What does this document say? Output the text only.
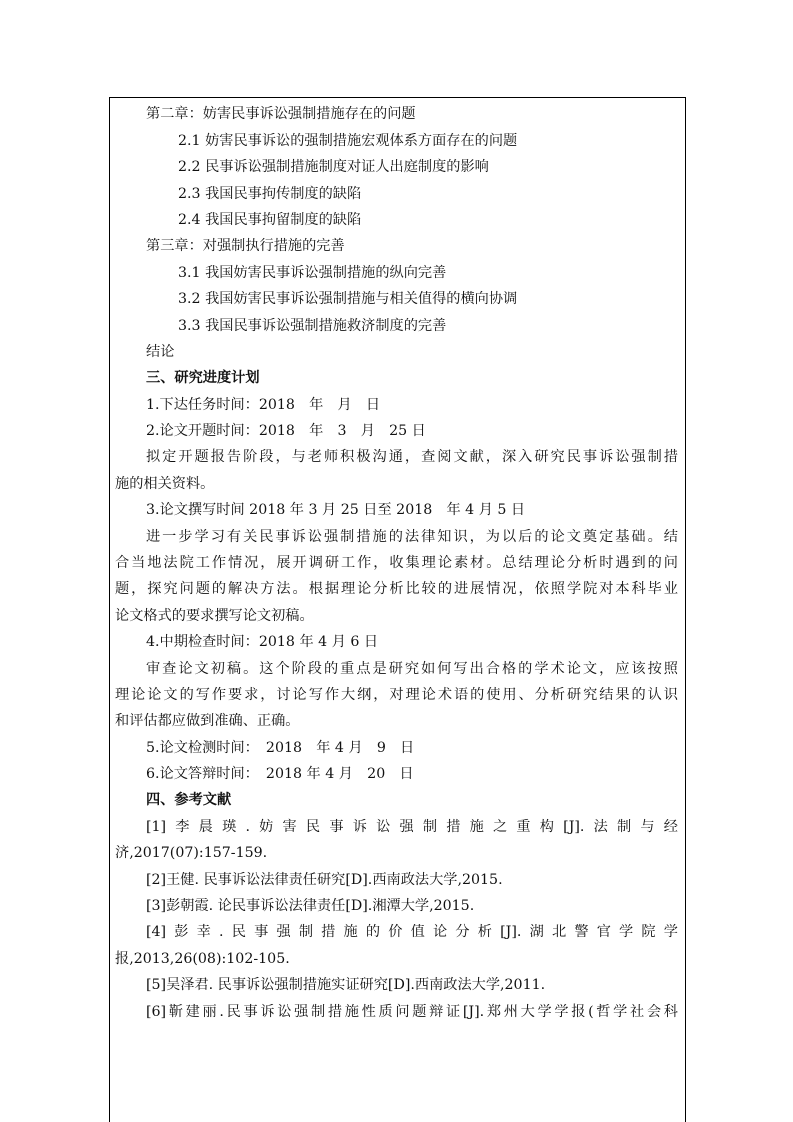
第二章：妨害民事诉讼强制措施存在的问题
2.1 妨害民事诉讼的强制措施宏观体系方面存在的问题
2.2 民事诉讼强制措施制度对证人出庭制度的影响
2.3 我国民事拘传制度的缺陷
2.4 我国民事拘留制度的缺陷
第三章：对强制执行措施的完善
3.1 我国妨害民事诉讼强制措施的纵向完善
3.2 我国妨害民事诉讼强制措施与相关值得的横向协调
3.3 我国民事诉讼强制措施救济制度的完善
结论
三、研究进度计划
1.下达任务时间：2018　年　月　日
2.论文开题时间：2018　年　3　月　25 日
拟定开题报告阶段，与老师积极沟通，查阅文献，深入研究民事诉讼强制措
施的相关资料。
3.论文撰写时间 2018 年 3 月 25 日至 2018　年 4 月 5 日
进一步学习有关民事诉讼强制措施的法律知识，为以后的论文奠定基础。结
合当地法院工作情况，展开调研工作，收集理论素材。总结理论分析时遇到的问
题，探究问题的解决方法。根据理论分析比较的进展情况，依照学院对本科毕业
论文格式的要求撰写论文初稿。
4.中期检查时间：2018 年 4 月 6 日
审查论文初稿。这个阶段的重点是研究如何写出合格的学术论文，应该按照
理论论文的写作要求，讨论写作大纲，对理论术语的使用、分析研究结果的认识
和评估都应做到准确、正确。
5.论文检测时间：　2018　年 4 月　9　日
6.论文答辩时间：　2018 年 4 月　20　日
四、参考文献
[1]李晨瑛.妨害民事诉讼强制措施之重构[J].法制与经
济,2017(07):157-159.
[2]王健. 民事诉讼法律责任研究[D].西南政法大学,2015.
[3]彭朝霞. 论民事诉讼法律责任[D].湘潭大学,2015.
[4]彭幸.民事强制措施的价值论分析[J].湖北警官学院学
报,2013,26(08):102-105.
[5]吴泽君. 民事诉讼强制措施实证研究[D].西南政法大学,2011.
[6]靳建丽.民事诉讼强制措施性质问题辩证[J].郑州大学学报(哲学社会科
